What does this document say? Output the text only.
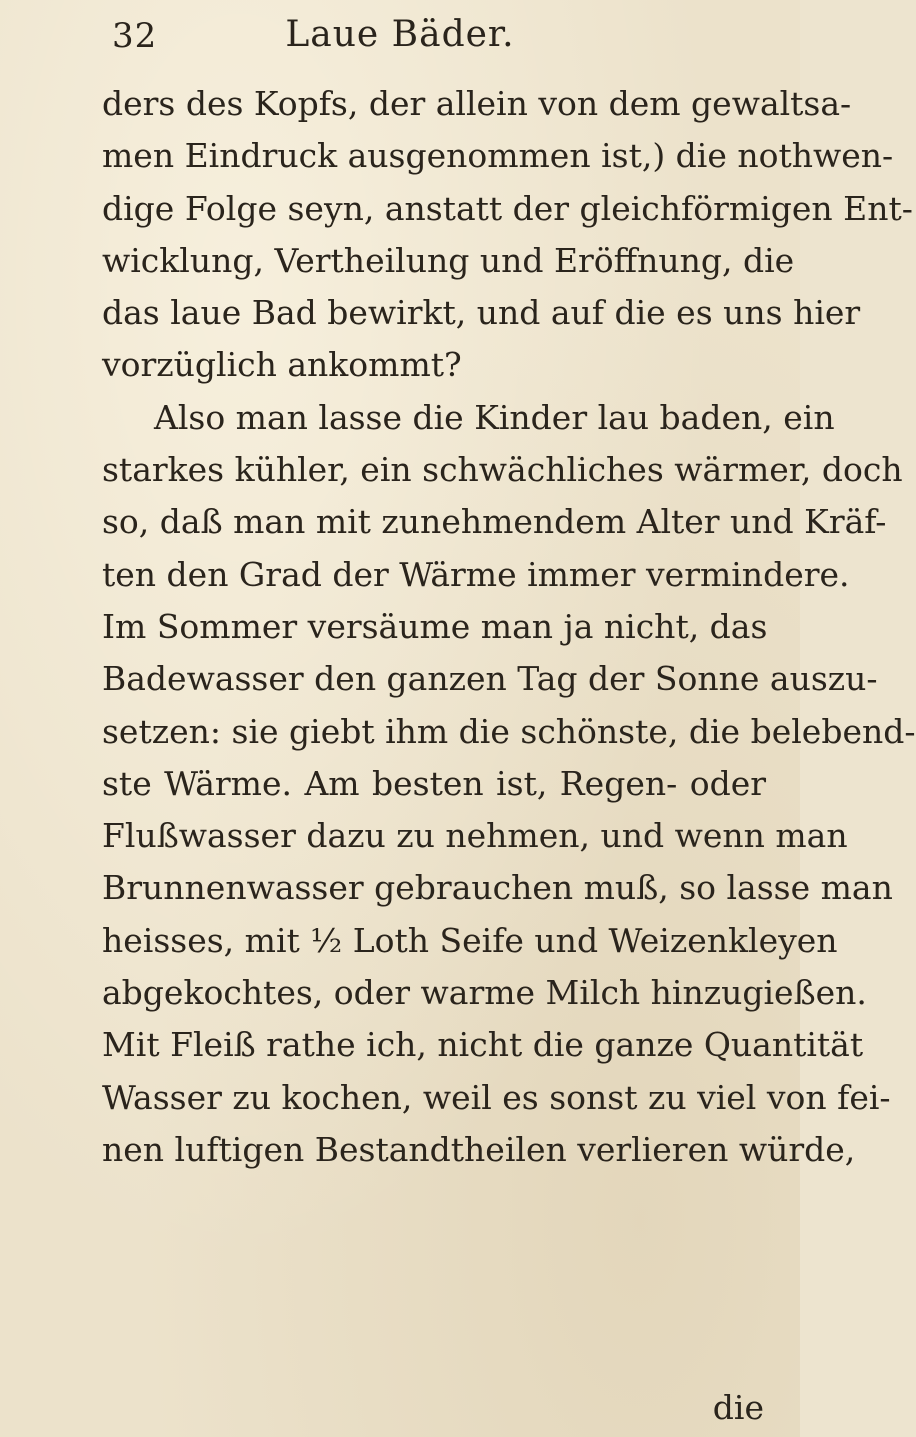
32	Laue Bäder.
ders des Kopfs, der allein von dem gewaltsa-
men Eindruck ausgenommen ist,) die nothwen-
dige Folge seyn, anstatt der gleichförmigen Ent-
wicklung, Vertheilung und Eröffnung, die
das laue Bad bewirkt, und auf die es uns hier
vorzüglich ankommt?
Also man lasse die Kinder lau baden, ein
starkes kühler, ein schwächliches wärmer, doch
so, daß man mit zunehmendem Alter und Kräf-
ten den Grad der Wärme immer vermindere.
Im Sommer versäume man ja nicht, das
Badewasser den ganzen Tag der Sonne auszu-
setzen: sie giebt ihm die schönste, die belebend-
ste Wärme. Am besten ist, Regen- oder
Flußwasser dazu zu nehmen, und wenn man
Brunnenwasser gebrauchen muß, so lasse man
heisses, mit ½ Loth Seife und Weizenkleyen
abgekochtes, oder warme Milch hinzugießen.
Mit Fleiß rathe ich, nicht die ganze Quantität
Wasser zu kochen, weil es sonst zu viel von fei-
nen luftigen Bestandtheilen verlieren würde,
die
